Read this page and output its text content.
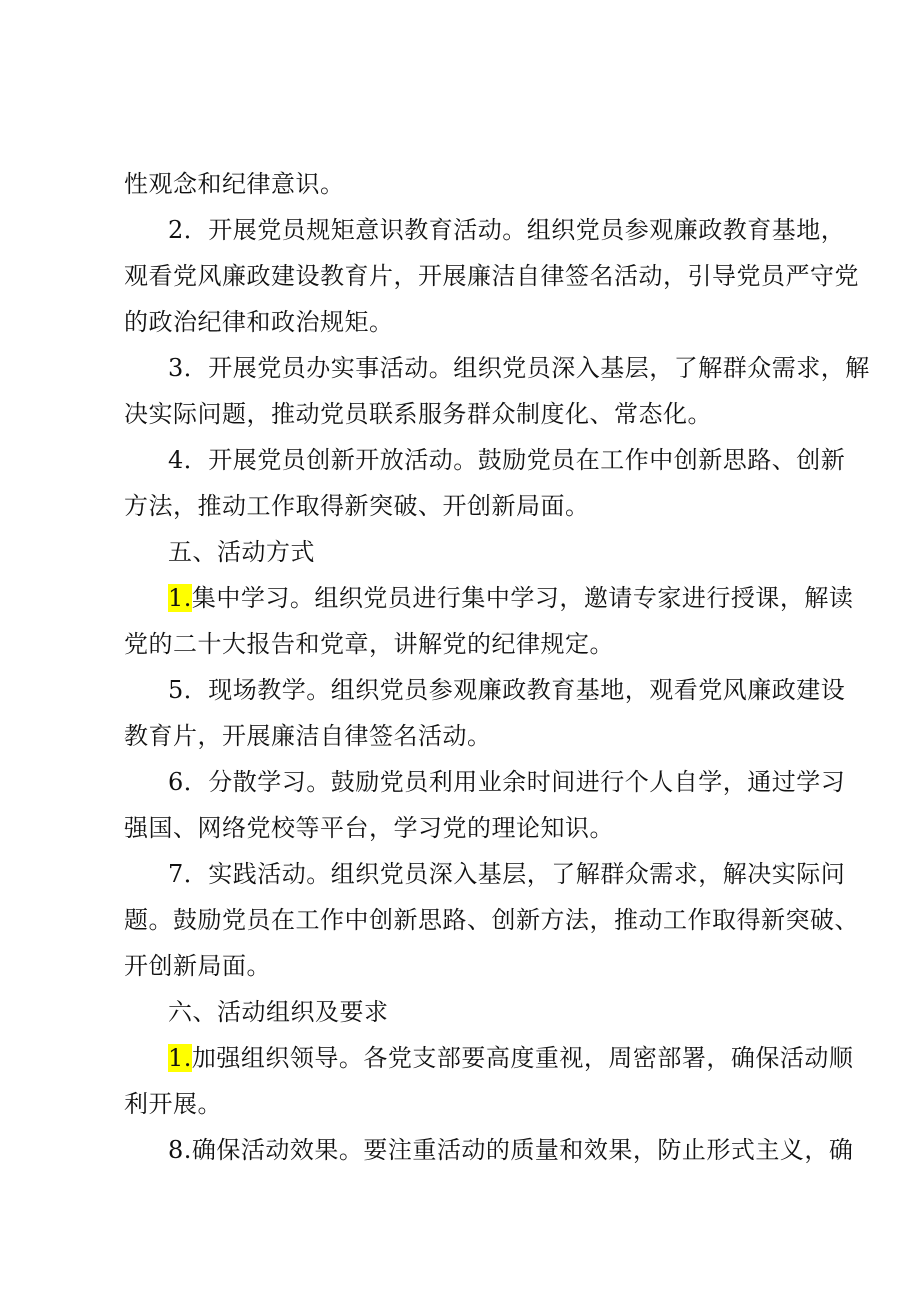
性观念和纪律意识。
2．开展党员规矩意识教育活动。组织党员参观廉政教育基地，
观看党风廉政建设教育片，开展廉洁自律签名活动，引导党员严守党
的政治纪律和政治规矩。
3．开展党员办实事活动。组织党员深入基层，了解群众需求，解
决实际问题，推动党员联系服务群众制度化、常态化。
4．开展党员创新开放活动。鼓励党员在工作中创新思路、创新
方法，推动工作取得新突破、开创新局面。
五、活动方式
1.集中学习。组织党员进行集中学习，邀请专家进行授课，解读
党的二十大报告和党章，讲解党的纪律规定。
5．现场教学。组织党员参观廉政教育基地，观看党风廉政建设
教育片，开展廉洁自律签名活动。
6．分散学习。鼓励党员利用业余时间进行个人自学，通过学习
强国、网络党校等平台，学习党的理论知识。
7．实践活动。组织党员深入基层，了解群众需求，解决实际问
题。鼓励党员在工作中创新思路、创新方法，推动工作取得新突破、
开创新局面。
六、活动组织及要求
1.加强组织领导。各党支部要高度重视，周密部署，确保活动顺
利开展。
8.确保活动效果。要注重活动的质量和效果，防止形式主义，确
